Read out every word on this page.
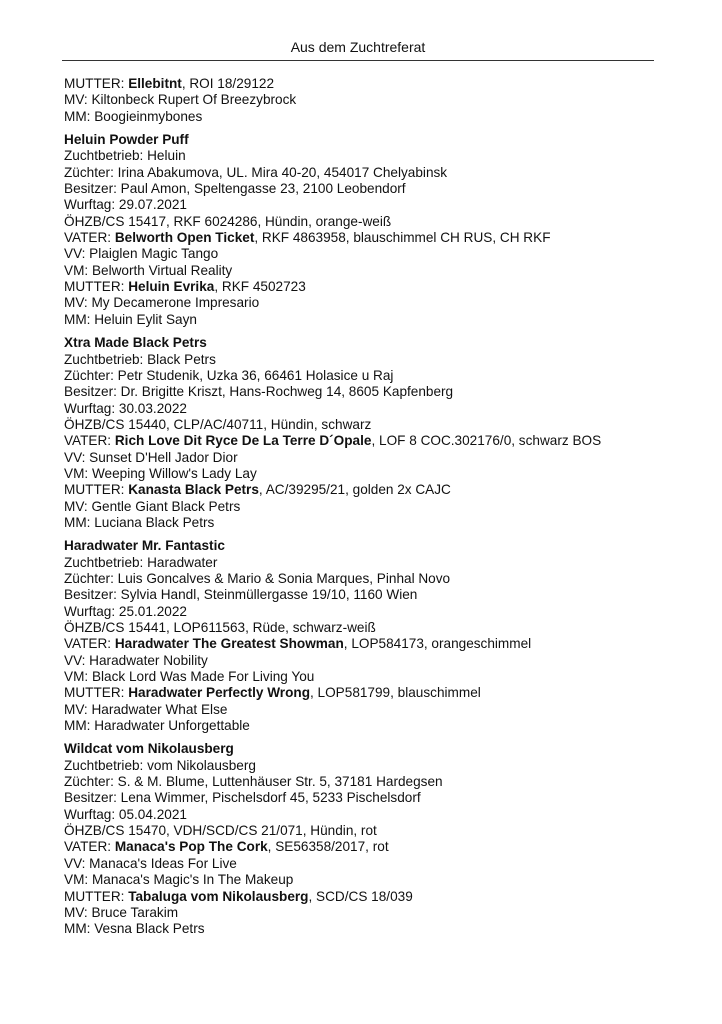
Aus dem Zuchtreferat
MUTTER: Ellebitnt, ROI 18/29122
MV: Kiltonbeck Rupert Of Breezybrock
MM: Boogieinmybones
Heluin Powder Puff
Zuchtbetrieb: Heluin
Züchter: Irina Abakumova, UL. Mira 40-20, 454017 Chelyabinsk
Besitzer: Paul Amon, Speltengasse 23, 2100 Leobendorf
Wurftag: 29.07.2021
ÖHZB/CS 15417, RKF 6024286, Hündin, orange-weiß
VATER: Belworth Open Ticket, RKF 4863958, blauschimmel CH RUS, CH RKF
VV: Plaiglen Magic Tango
VM: Belworth Virtual Reality
MUTTER: Heluin Evrika, RKF 4502723
MV: My Decamerone Impresario
MM: Heluin Eylit Sayn
Xtra Made Black Petrs
Zuchtbetrieb: Black Petrs
Züchter: Petr Studenik, Uzka 36, 66461 Holasice u Raj
Besitzer: Dr. Brigitte Kriszt, Hans-Rochweg 14, 8605 Kapfenberg
Wurftag: 30.03.2022
ÖHZB/CS 15440, CLP/AC/40711, Hündin, schwarz
VATER: Rich Love Dit Ryce De La Terre D´Opale, LOF 8 COC.302176/0, schwarz BOS
VV: Sunset D'Hell Jador Dior
VM: Weeping Willow's Lady Lay
MUTTER: Kanasta Black Petrs, AC/39295/21, golden 2x CAJC
MV: Gentle Giant Black Petrs
MM: Luciana Black Petrs
Haradwater Mr. Fantastic
Zuchtbetrieb: Haradwater
Züchter: Luis Goncalves & Mario & Sonia Marques, Pinhal Novo
Besitzer: Sylvia Handl, Steinmüllergasse 19/10, 1160 Wien
Wurftag: 25.01.2022
ÖHZB/CS 15441, LOP611563, Rüde, schwarz-weiß
VATER: Haradwater The Greatest Showman, LOP584173, orangeschimmel
VV: Haradwater Nobility
VM: Black Lord Was Made For Living You
MUTTER: Haradwater Perfectly Wrong, LOP581799, blauschimmel
MV: Haradwater What Else
MM: Haradwater Unforgettable
Wildcat vom Nikolausberg
Zuchtbetrieb: vom Nikolausberg
Züchter: S. & M. Blume, Luttenhäuser Str. 5, 37181 Hardegsen
Besitzer: Lena Wimmer, Pischelsdorf 45, 5233 Pischelsdorf
Wurftag: 05.04.2021
ÖHZB/CS 15470, VDH/SCD/CS 21/071, Hündin, rot
VATER: Manaca's Pop The Cork, SE56358/2017, rot
VV: Manaca's Ideas For Live
VM: Manaca's Magic's In The Makeup
MUTTER: Tabaluga vom Nikolausberg, SCD/CS 18/039
MV: Bruce Tarakim
MM: Vesna Black Petrs
